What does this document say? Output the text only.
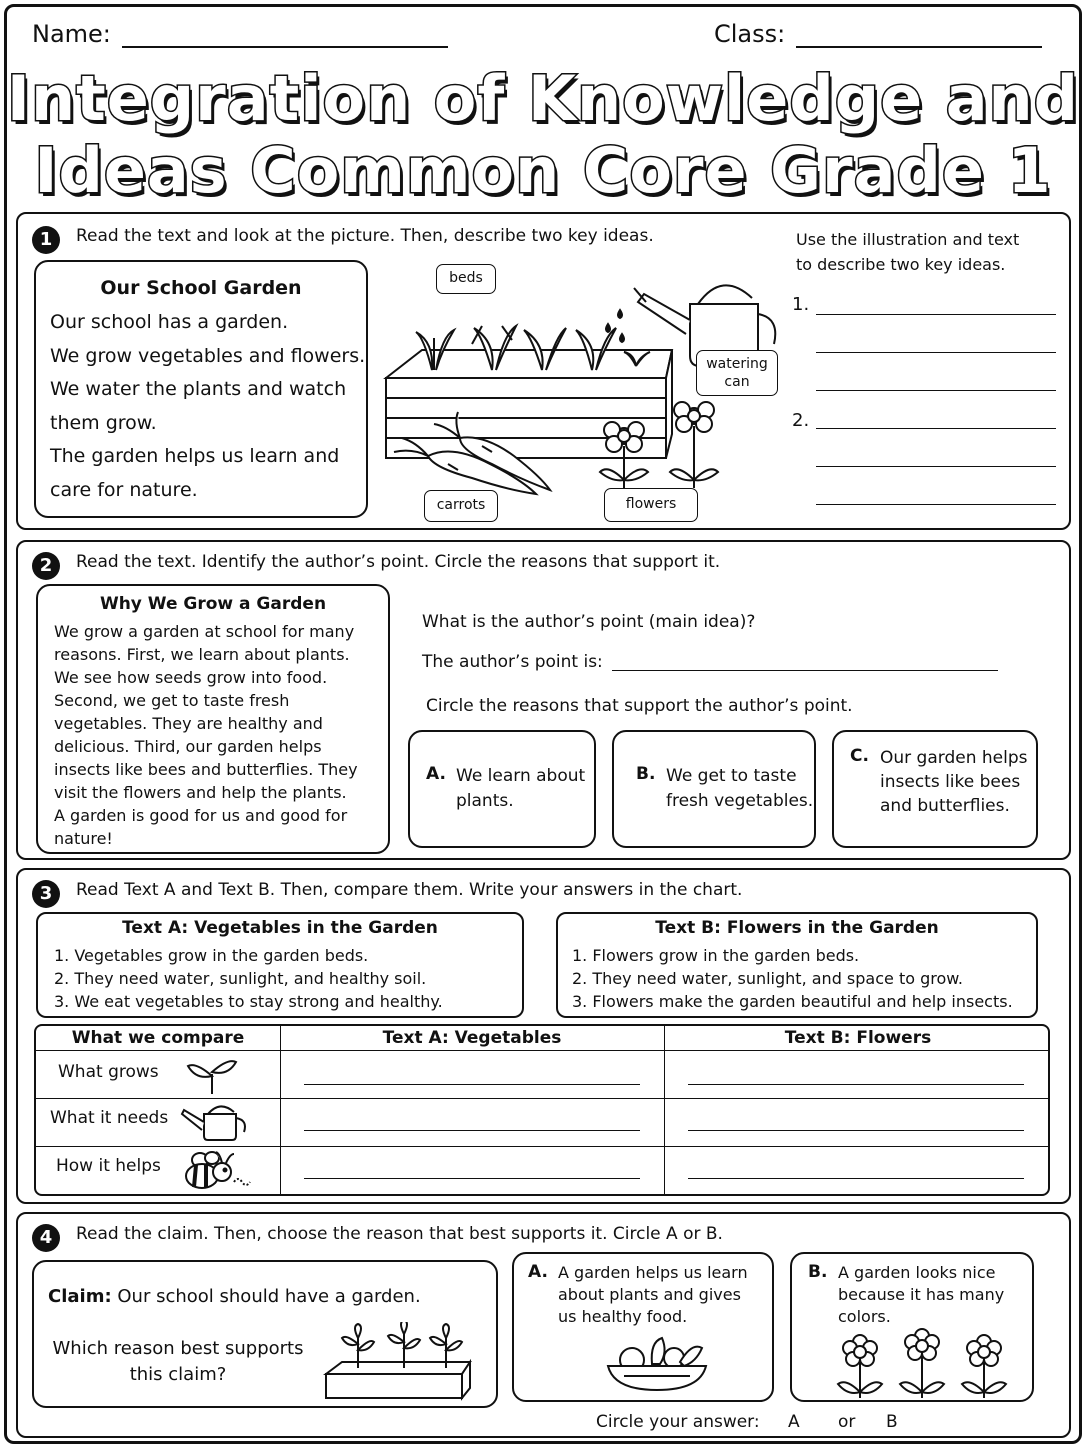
Name:	Class:
Integration of Knowledge and
Ideas Common Core Grade 1
1	Read the text and look at the picture. Then, describe two key ideas.
Our School Garden
Our school has a garden.
We grow vegetables and flowers.
We water the plants and watch
them grow.
The garden helps us learn and
care for nature.
beds
watering
can
carrots	flowers
Use the illustration and text
to describe two key ideas.
1.
2.
2	Read the text. Identify the author’s point. Circle the reasons that support it.
Why We Grow a Garden
We grow a garden at school for many
reasons. First, we learn about plants.
We see how seeds grow into food.
Second, we get to taste fresh
vegetables. They are healthy and
delicious. Third, our garden helps
insects like bees and butterflies. They
visit the flowers and help the plants.
A garden is good for us and good for
nature!
What is the author’s point (main idea)?
The author’s point is:
Circle the reasons that support the author’s point.
A. We learn about
plants.
B. We get to taste
fresh vegetables.
C. Our garden helps
insects like bees
and butterflies.
3	Read Text A and Text B. Then, compare them. Write your answers in the chart.
Text A: Vegetables in the Garden
1. Vegetables grow in the garden beds.
2. They need water, sunlight, and healthy soil.
3. We eat vegetables to stay strong and healthy.
Text B: Flowers in the Garden
1. Flowers grow in the garden beds.
2. They need water, sunlight, and space to grow.
3. Flowers make the garden beautiful and help insects.
What we compare	Text A: Vegetables	Text B: Flowers
What grows
What it needs
How it helps
4	Read the claim. Then, choose the reason that best supports it. Circle A or B.
Claim: Our school should have a garden.
Which reason best supports
this claim?
A. A garden helps us learn
about plants and gives
us healthy food.
B. A garden looks nice
because it has many
colors.
Circle your answer: A or B
